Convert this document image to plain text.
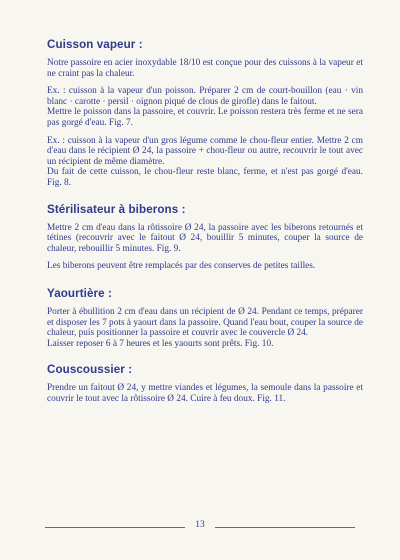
Cuisson vapeur :

Notre passoire en acier inoxydable 18/10 est conçue pour des cuissons à la vapeur et ne craint pas la chaleur.

Ex. : cuisson à la vapeur d'un poisson. Préparer 2 cm de court-bouillon (eau · vin blanc · carotte · persil · oignon piqué de clous de girofle) dans le faitout.

Mettre le poisson dans la passoire, et couvrir. Le poisson restera très ferme et ne sera pas gorgé d'eau. Fig. 7.

Ex. : cuisson à la vapeur d'un gros légume comme le chou-fleur entier. Mettre 2 cm d'eau dans le récipient Ø 24, la passoire + chou-fleur ou autre, recouvrir le tout avec un récipient de même diamètre.

Du fait de cette cuisson, le chou-fleur reste blanc, ferme, et n'est pas gorgé d'eau. Fig. 8.

Stérilisateur à biberons :

Mettre 2 cm d'eau dans la rôtissoire Ø 24, la passoire avec les biberons retournés et tétines (recouvrir avec le faitout Ø 24, bouillir 5 minutes, couper la source de chaleur, rebouillir 5 minutes. Fig. 9.

Les biberons peuvent être remplacés par des conserves de petites tailles.

Yaourtière :

Porter à ébullition 2 cm d'eau dans un récipient de Ø 24. Pendant ce temps, préparer et disposer les 7 pots à yaourt dans la passoire. Quand l'eau bout, couper la source de chaleur, puis positionner la passoire et couvrir avec le couvercle Ø 24.

Laisser reposer 6 à 7 heures et les yaourts sont prêts. Fig. 10.

Couscoussier :

Prendre un faitout Ø 24, y mettre viandes et légumes, la semoule dans la passoire et couvrir le tout avec la rôtissoire Ø 24. Cuire à feu doux. Fig. 11.

13
